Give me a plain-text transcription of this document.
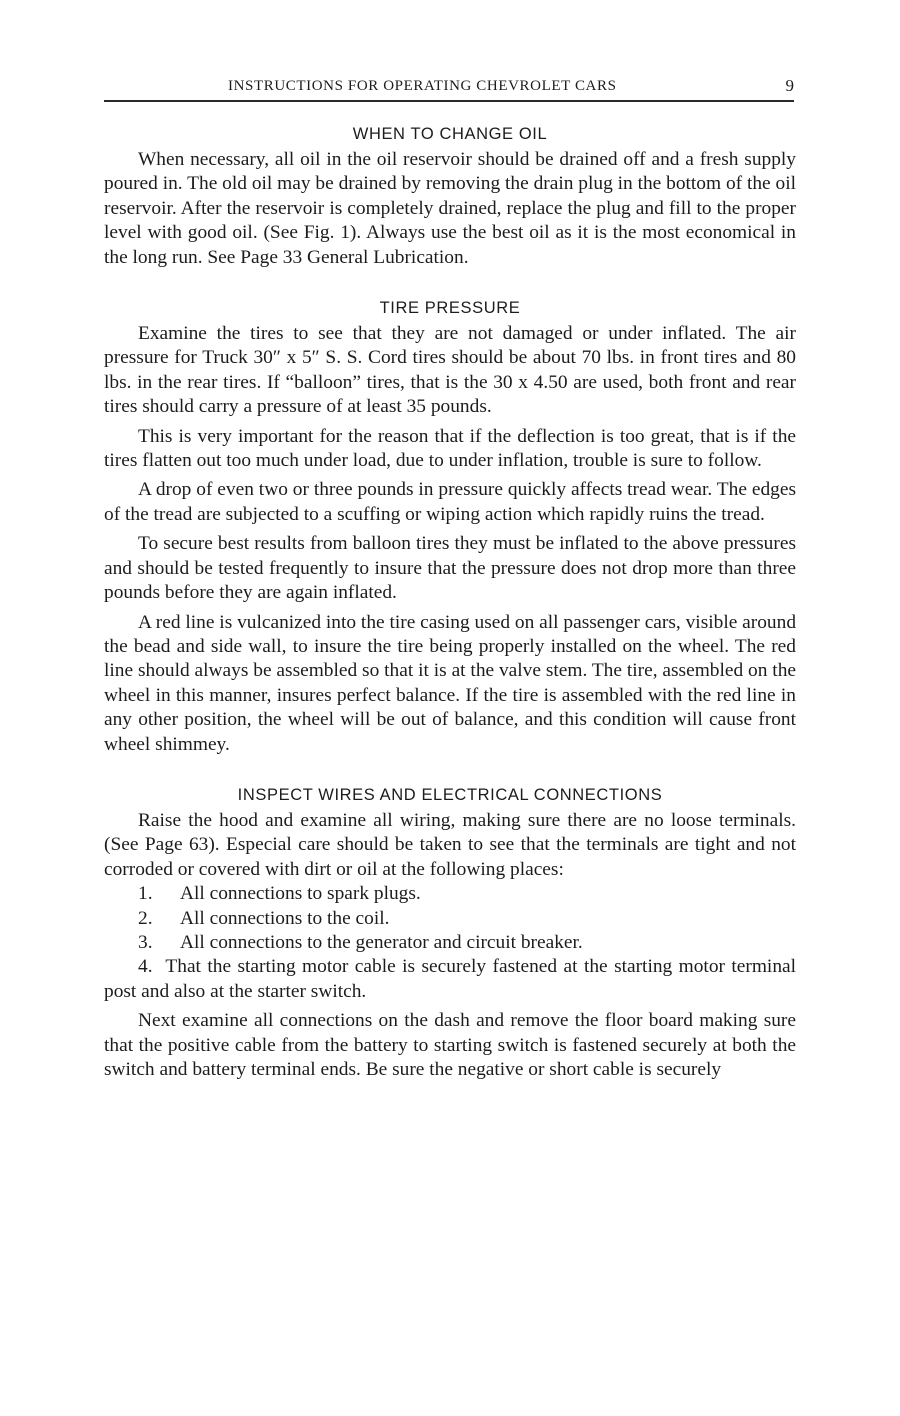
INSTRUCTIONS FOR OPERATING CHEVROLET CARS	9
WHEN TO CHANGE OIL

When necessary, all oil in the oil reservoir should be drained off and a fresh supply poured in. The old oil may be drained by removing the drain plug in the bottom of the oil reservoir. After the reservoir is completely drained, replace the plug and fill to the proper level with good oil. (See Fig. 1). Always use the best oil as it is the most economical in the long run. See Page 33 General Lubrication.

TIRE PRESSURE

Examine the tires to see that they are not damaged or under inflated. The air pressure for Truck 30″ x 5″ S. S. Cord tires should be about 70 lbs. in front tires and 80 lbs. in the rear tires. If “balloon” tires, that is the 30 x 4.50 are used, both front and rear tires should carry a pressure of at least 35 pounds.

This is very important for the reason that if the deflection is too great, that is if the tires flatten out too much under load, due to under inflation, trouble is sure to follow.

A drop of even two or three pounds in pressure quickly affects tread wear. The edges of the tread are subjected to a scuffing or wiping action which rapidly ruins the tread.

To secure best results from balloon tires they must be inflated to the above pressures and should be tested frequently to insure that the pressure does not drop more than three pounds before they are again inflated.

A red line is vulcanized into the tire casing used on all passenger cars, visible around the bead and side wall, to insure the tire being properly installed on the wheel. The red line should always be assembled so that it is at the valve stem. The tire, assembled on the wheel in this manner, insures perfect balance. If the tire is assembled with the red line in any other position, the wheel will be out of balance, and this condition will cause front wheel shimmey.

INSPECT WIRES AND ELECTRICAL CONNECTIONS

Raise the hood and examine all wiring, making sure there are no loose terminals. (See Page 63). Especial care should be taken to see that the terminals are tight and not corroded or covered with dirt or oil at the following places:

1. All connections to spark plugs.
2. All connections to the coil.
3. All connections to the generator and circuit breaker.

4. That the starting motor cable is securely fastened at the starting motor terminal post and also at the starter switch.

Next examine all connections on the dash and remove the floor board making sure that the positive cable from the battery to starting switch is fastened securely at both the switch and battery terminal ends. Be sure the negative or short cable is securely
